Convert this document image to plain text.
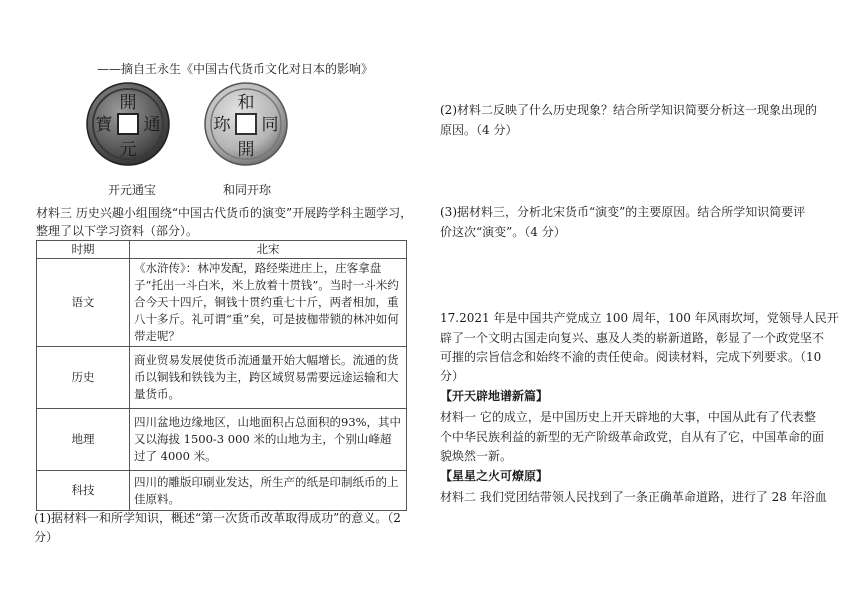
——摘自王永生《中国古代货币文化对日本的影响》

開
元
通
寶

开元通宝

和
同
開
珎

和同开珎

材料三 历史兴趣小组围绕“中国古代货币的演变”开展跨学科主题学习，

整理了以下学习资料（部分）。

时期	北宋
语文	《水浒传》：林冲发配，路经柴进庄上，庄客拿盘子“托出一斗白米，米上放着十贯钱”。当时一斗米约合今天十四斤，铜钱十贯约重七十斤，两者相加，重八十多斤。礼可谓“重”矣，可是披枷带锁的林冲如何带走呢？
历史	商业贸易发展使货币流通量开始大幅增长。流通的货币以铜钱和铁钱为主，跨区域贸易需要远途运输和大量货币。
地理	四川盆地边缘地区，山地面积占总面积的93%，其中又以海拔 1500-3 000 米的山地为主，个别山峰超过了 4000 米。
科技	四川的雕版印刷业发达，所生产的纸是印制纸币的上佳原料。

(1)据材料一和所学知识，概述“第一次货币改革取得成功”的意义。（2

分）

(2)材料二反映了什么历史现象？结合所学知识简要分析这一现象出现的

原因。（4 分）

(3)据材料三，分析北宋货币“演变”的主要原因。结合所学知识简要评

价这次“演变”。（4 分）

17.2021 年是中国共产党成立 100 周年，100 年风雨坎坷，党领导人民开

辟了一个文明古国走向复兴、惠及人类的崭新道路，彰显了一个政党坚不

可摧的宗旨信念和始终不渝的责任使命。阅读材料，完成下列要求。（10

分）

【开天辟地谱新篇】

材料一 它的成立，是中国历史上开天辟地的大事，中国从此有了代表整

个中华民族利益的新型的无产阶级革命政党，自从有了它，中国革命的面

貌焕然一新。

【星星之火可燎原】

材料二 我们党团结带领人民找到了一条正确革命道路，进行了 28 年浴血
